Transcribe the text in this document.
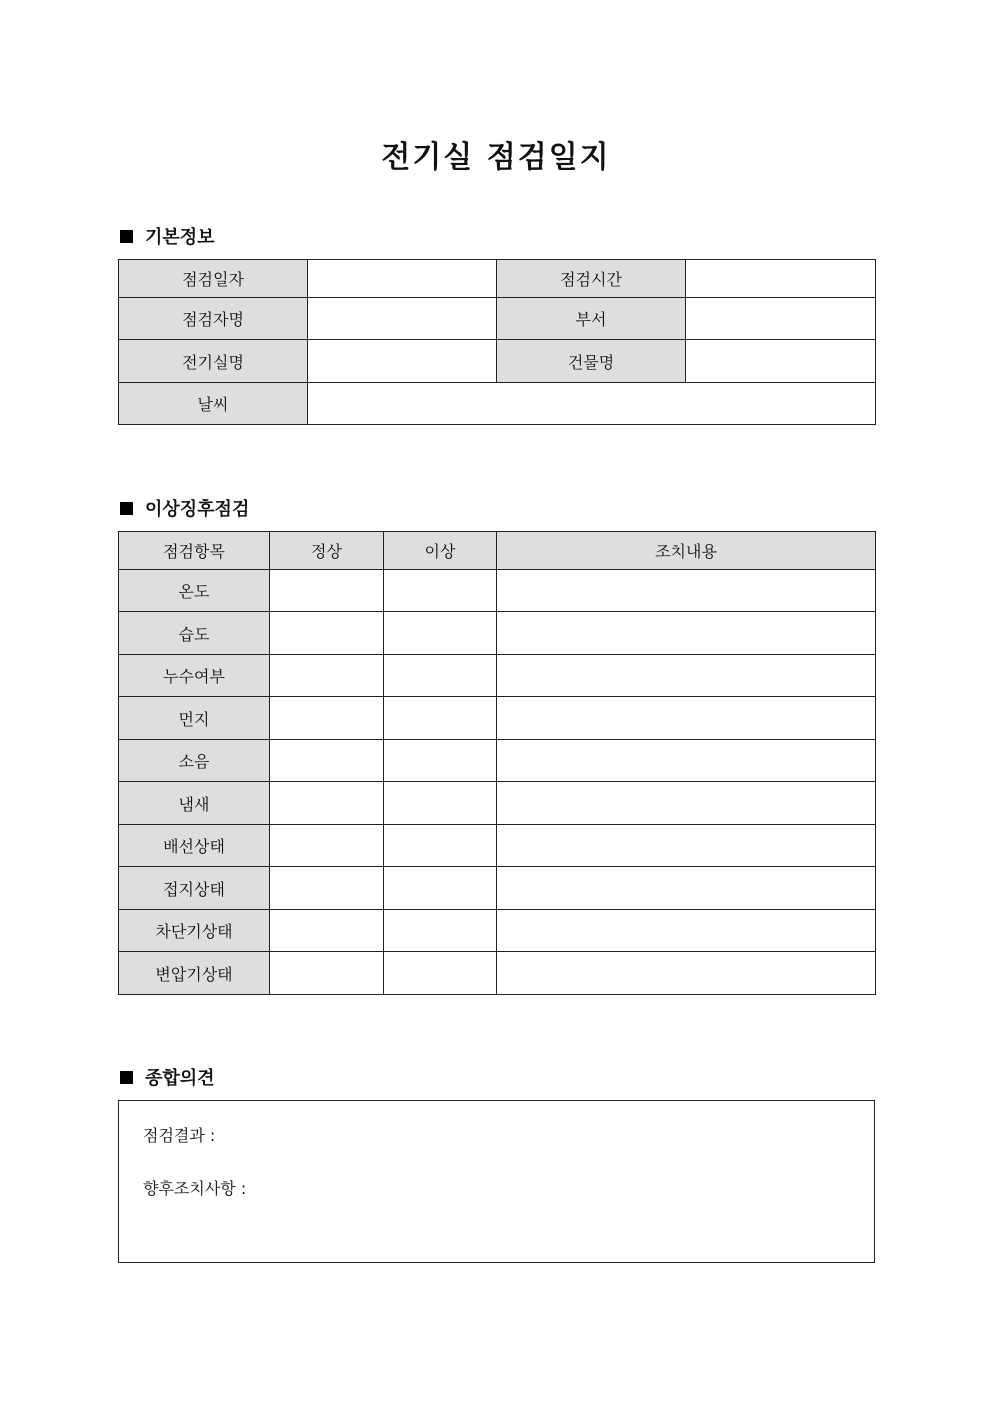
전기실 점검일지
기본정보
점검일자		점검시간	
점검자명		부서	
전기실명		건물명	
날씨			
이상징후점검
점검항목	정상	이상	조치내용
온도			
습도			
누수여부			
먼지			
소음			
냄새			
배선상태			
접지상태			
차단기상태			
변압기상태			
종합의견
점검결과 :
향후조치사항 :
